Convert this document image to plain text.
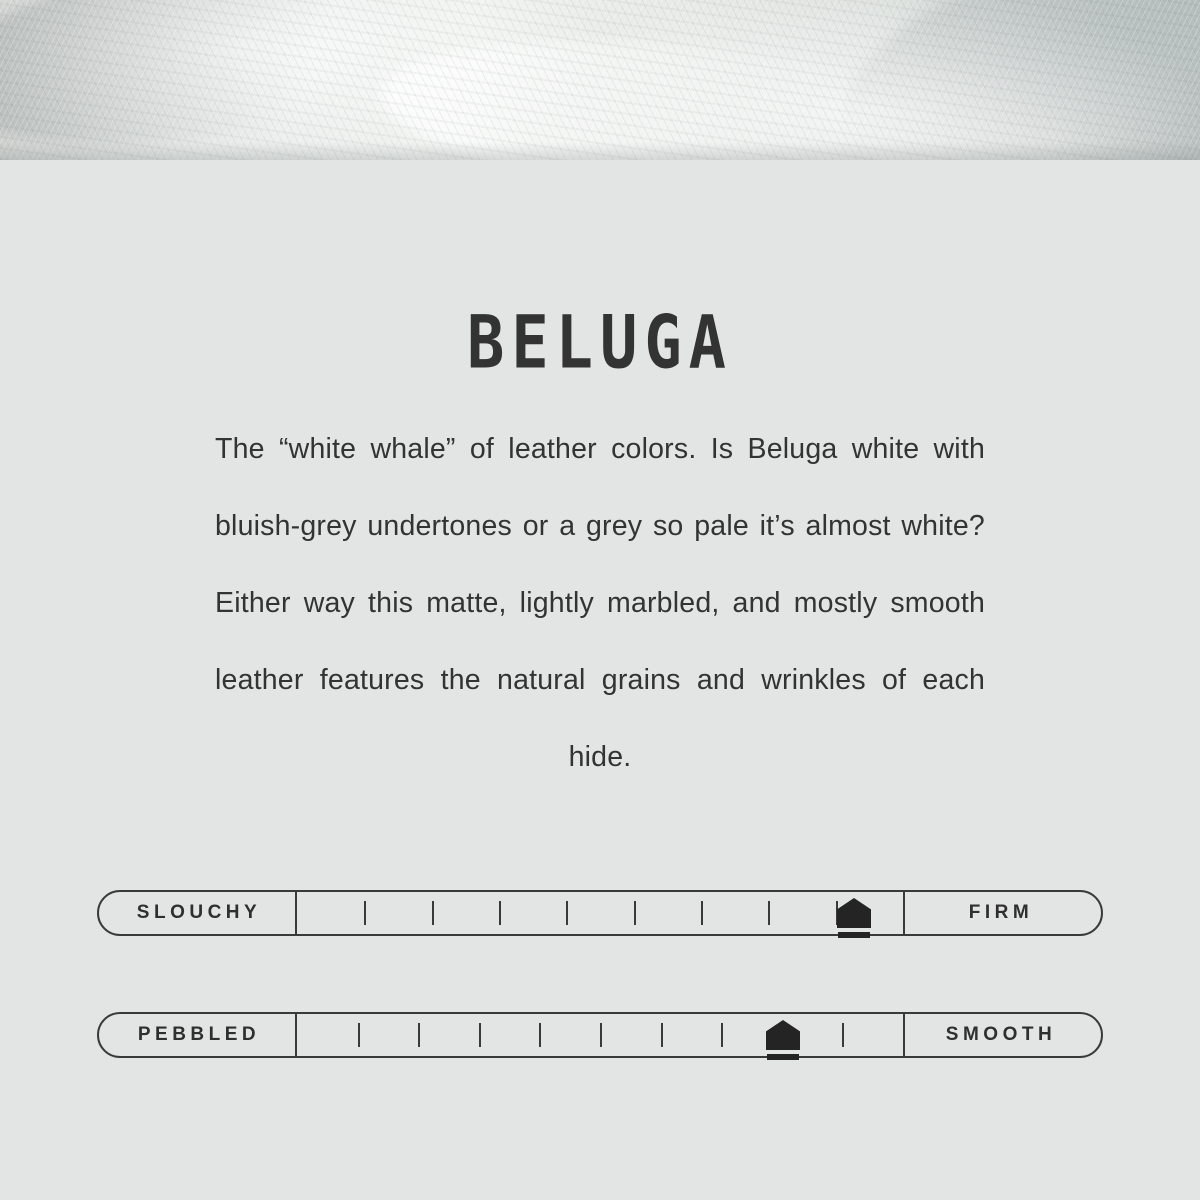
BELUGA

The “white whale” of leather colors. Is Beluga white with bluish-grey undertones or a grey so pale it’s almost white? Either way this matte, lightly marbled, and mostly smooth leather features the natural grains and wrinkles of each hide.

SLOUCHY	FIRM
PEBBLED	SMOOTH
